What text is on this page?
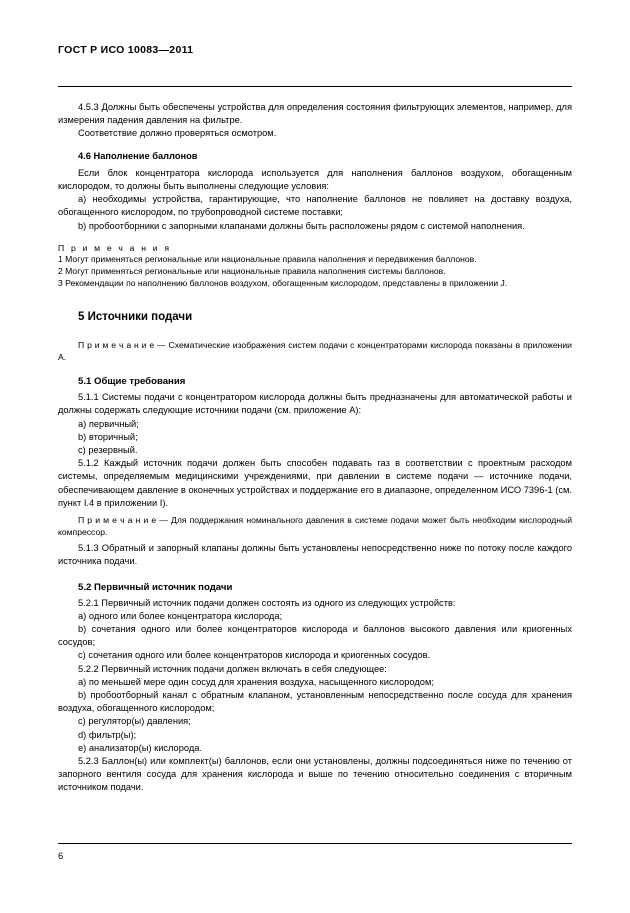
ГОСТ Р ИСО 10083—2011

4.5.3 Должны быть обеспечены устройства для определения состояния фильтрующих элементов, например, для измерения падения давления на фильтре.

Соответствие должно проверяться осмотром.

4.6 Наполнение баллонов

Если блок концентратора кислорода используется для наполнения баллонов воздухом, обогащенным кислородом, то должны быть выполнены следующие условия:

a) необходимы устройства, гарантирующие, что наполнение баллонов не повлияет на доставку воздуха, обогащенного кислородом, по трубопроводной системе поставки;

b) пробоотборники с запорными клапанами должны быть расположены рядом с системой наполнения.

П р и м е ч а н и я

1 Могут применяться региональные или национальные правила наполнения и передвижения баллонов.

2 Могут применяться региональные или национальные правила наполнения системы баллонов.

3 Рекомендации по наполнению баллонов воздухом, обогащенным кислородом, представлены в приложении J.

5 Источники подачи

П р и м е ч а н и е — Схематические изображения систем подачи с концентраторами кислорода показаны в приложении А.

5.1 Общие требования

5.1.1 Системы подачи с концентратором кислорода должны быть предназначены для автоматической работы и должны содержать следующие источники подачи (см. приложение А):

a) первичный;

b) вторичный;

c) резервный.

5.1.2 Каждый источник подачи должен быть способен подавать газ в соответствии с проектным расходом системы, определяемым медицинскими учреждениями, при давлении в системе подачи — источнике подачи, обеспечивающем давление в оконечных устройствах и поддержание его в диапазоне, определенном ИСО 7396-1 (см. пункт I.4 в приложении I).

П р и м е ч а н и е — Для поддержания номинального давления в системе подачи может быть необходим кислородный компрессор.

5.1.3 Обратный и запорный клапаны должны быть установлены непосредственно ниже по потоку после каждого источника подачи.

5.2 Первичный источник подачи

5.2.1 Первичный источник подачи должен состоять из одного из следующих устройств:

a) одного или более концентратора кислорода;

b) сочетания одного или более концентраторов кислорода и баллонов высокого давления или криогенных сосудов;

c) сочетания одного или более концентраторов кислорода и криогенных сосудов.

5.2.2 Первичный источник подачи должен включать в себя следующее:

a) по меньшей мере один сосуд для хранения воздуха, насыщенного кислородом;

b) пробоотборный канал с обратным клапаном, установленным непосредственно после сосуда для хранения воздуха, обогащенного кислородом;

c) регулятор(ы) давления;

d) фильтр(ы);

e) анализатор(ы) кислорода.

5.2.3 Баллон(ы) или комплект(ы) баллонов, если они установлены, должны подсоединяться ниже по течению от запорного вентиля сосуда для хранения кислорода и выше по течению относительно соединения с вторичным источником подачи.

6
